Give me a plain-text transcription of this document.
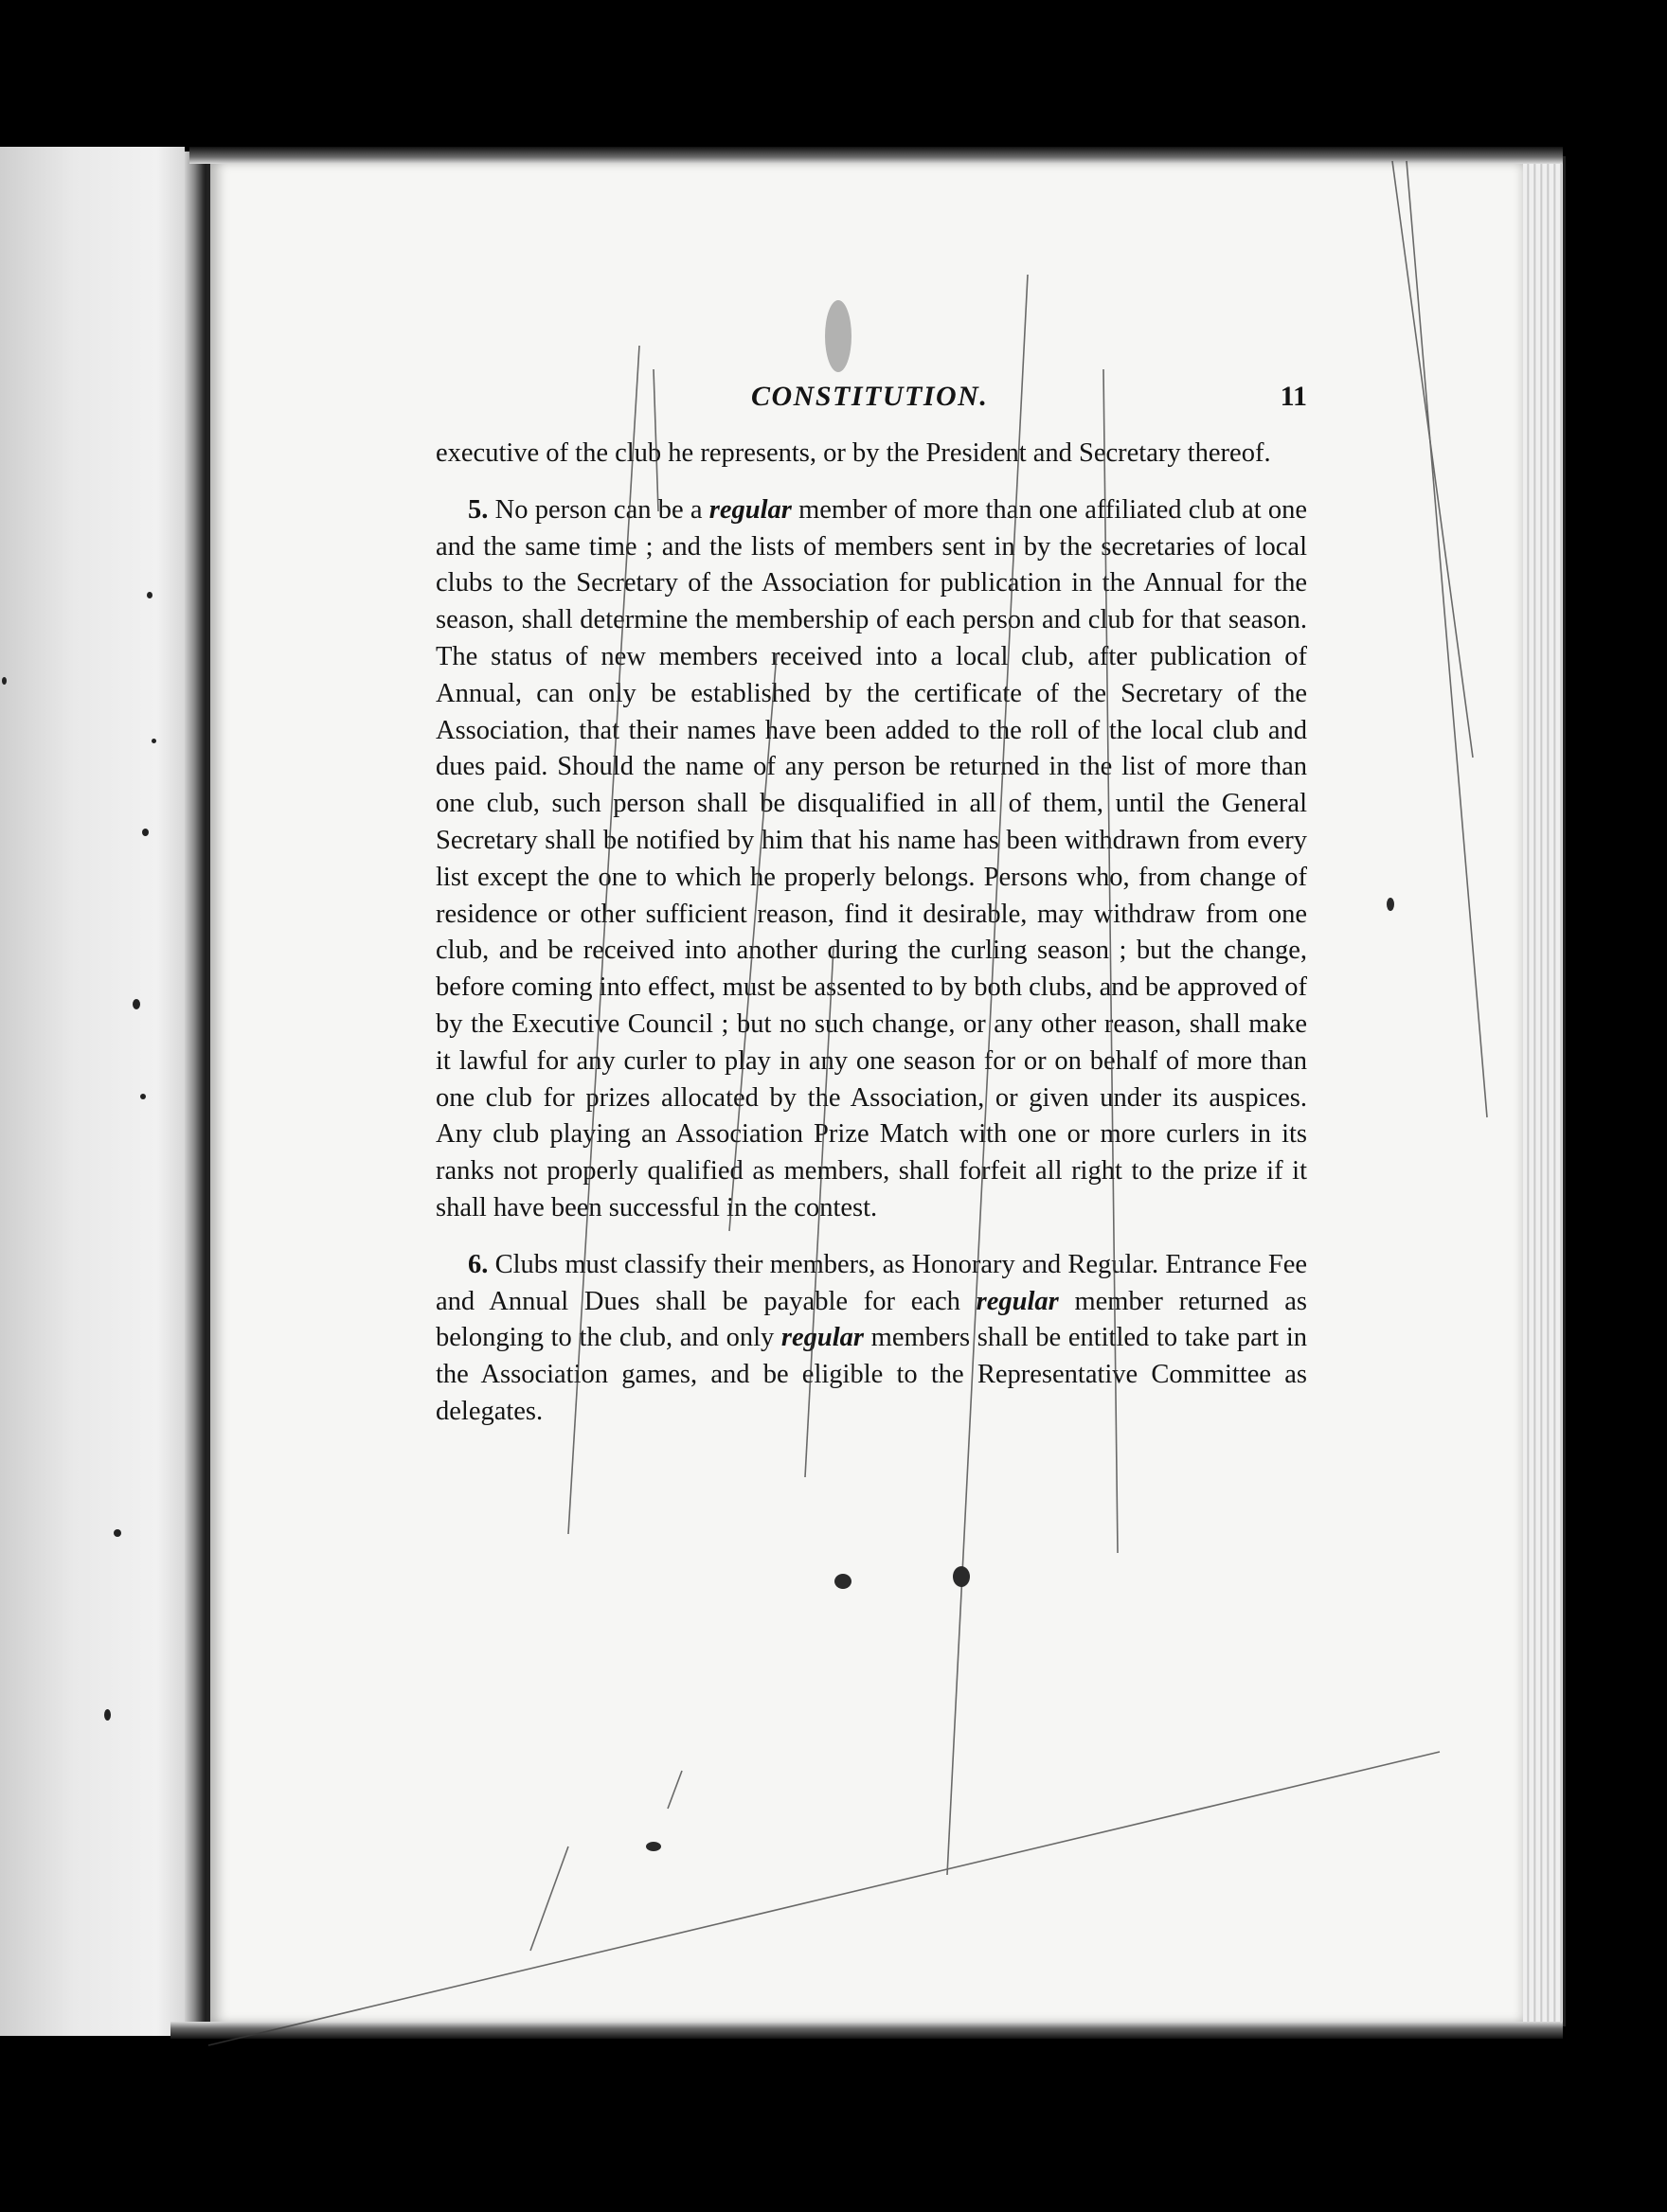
CONSTITUTION.	11

executive of the club he represents, or by the President and Secretary thereof.

5. No person can be a regular member of more than one affiliated club at one and the same time ; and the lists of members sent in by the secretaries of local clubs to the Secretary of the Association for publication in the Annual for the season, shall determine the membership of each person and club for that season. The status of new members received into a local club, after publication of Annual, can only be established by the certificate of the Secretary of the Association, that their names have been added to the roll of the local club and dues paid. Should the name of any person be returned in the list of more than one club, such person shall be disqualified in all of them, until the General Secretary shall be notified by him that his name has been withdrawn from every list except the one to which he properly belongs. Persons who, from change of residence or other sufficient reason, find it desirable, may withdraw from one club, and be received into another during the curling season ; but the change, before coming into effect, must be assented to by both clubs, and be approved of by the Executive Council ; but no such change, or any other reason, shall make it lawful for any curler to play in any one season for or on behalf of more than one club for prizes allocated by the Association, or given under its auspices. Any club playing an Association Prize Match with one or more curlers in its ranks not properly qualified as members, shall forfeit all right to the prize if it shall have been successful in the contest.

6. Clubs must classify their members, as Honorary and Regular. Entrance Fee and Annual Dues shall be payable for each regular member returned as belonging to the club, and only regular members shall be entitled to take part in the Association games, and be eligible to the Representative Committee as delegates.
